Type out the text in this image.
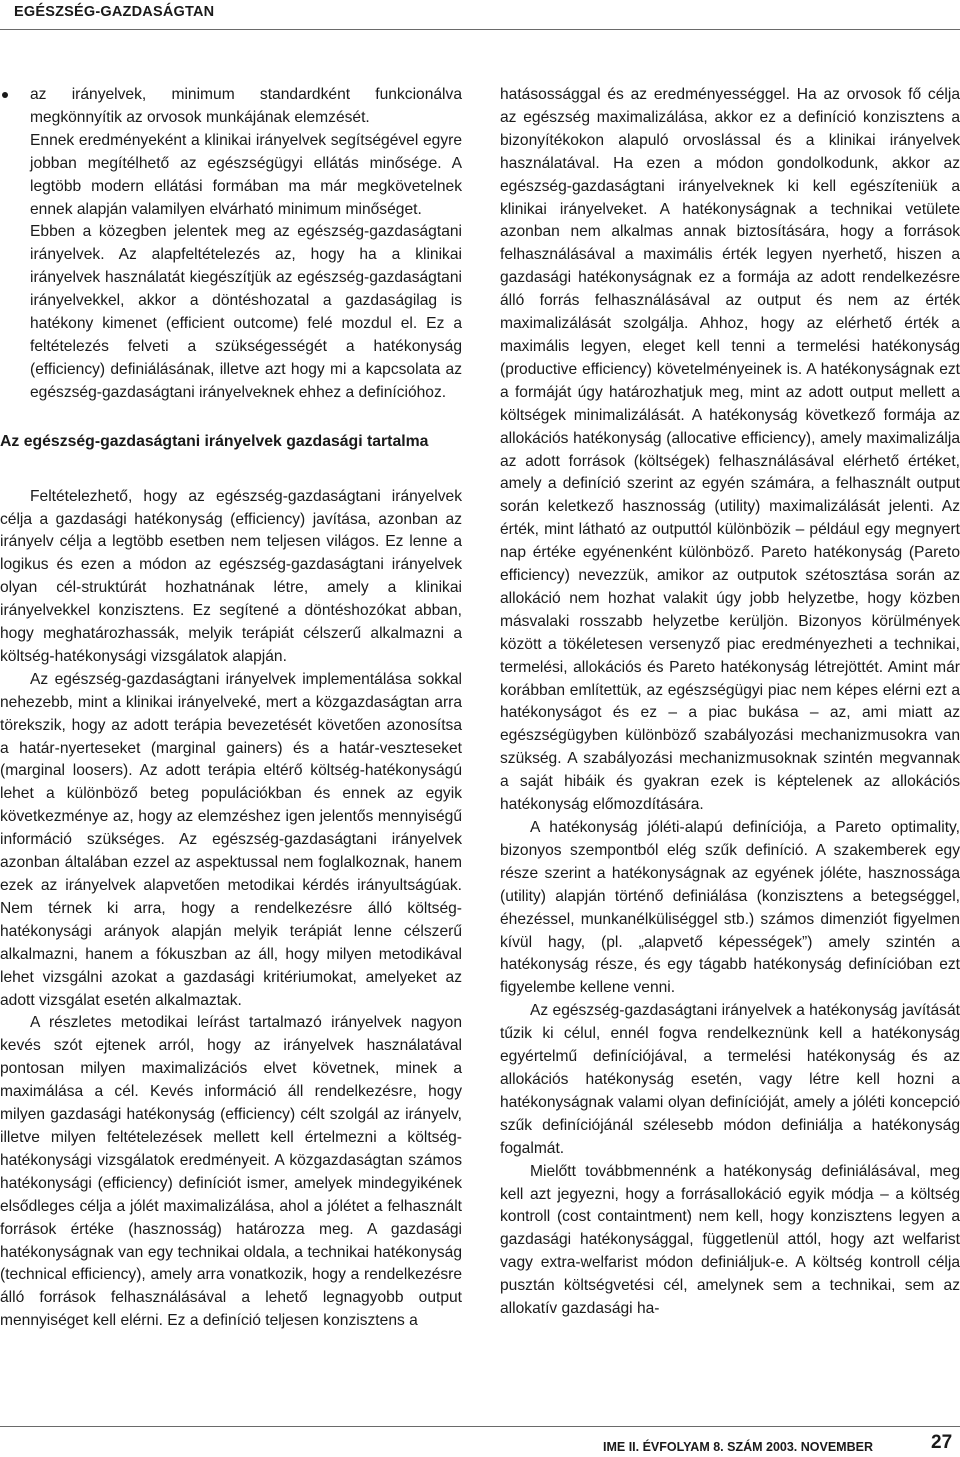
EGÉSZSÉG-GAZDASÁGTAN
az irányelvek, minimum standardként funkcionálva megkönnyítik az orvosok munkájának elemzését.

Ennek eredményeként a klinikai irányelvek segítségével egyre jobban megítélhető az egészségügyi ellátás minősége. A legtöbb modern ellátási formában ma már megkövetelnek ennek alapján valamilyen elvárható minimum minőséget.

Ebben a közegben jelentek meg az egészség-gazdaságtani irányelvek. Az alapfeltételezés az, hogy ha a klinikai irányelvek használatát kiegészítjük az egészség-gazdaságtani irányelvekkel, akkor a döntéshozatal a gazdaságilag is hatékony kimenet (efficient outcome) felé mozdul el. Ez a feltételezés felveti a szükségességét a hatékonyság (efficiency) definiálásának, illetve azt hogy mi a kapcsolata az egészség-gazdaságtani irányelveknek ehhez a definícióhoz.

Az egészség-gazdaságtani irányelvek gazdasági tartalma

Feltételezhető, hogy az egészség-gazdaságtani irányelvek célja a gazdasági hatékonyság (efficiency) javítása, azonban az irányelv célja a legtöbb esetben nem teljesen világos. Ez lenne a logikus és ezen a módon az egészség-gazdaságtani irányelvek olyan cél-struktúrát hozhatnának létre, amely a klinikai irányelvekkel konzisztens. Ez segítené a döntéshozókat abban, hogy meghatározhassák, melyik terápiát célszerű alkalmazni a költség-hatékonysági vizsgálatok alapján.

Az egészség-gazdaságtani irányelvek implementálása sokkal nehezebb, mint a klinikai irányelveké, mert a közgazdaságtan arra törekszik, hogy az adott terápia bevezetését követően azonosítsa a határ-nyerteseket (marginal gainers) és a határ-veszteseket (marginal loosers). Az adott terápia eltérő költség-hatékonyságú lehet a különböző beteg populációkban és ennek az egyik következménye az, hogy az elemzéshez igen jelentős mennyiségű információ szükséges. Az egészség-gazdaságtani irányelvek azonban általában ezzel az aspektussal nem foglalkoznak, hanem ezek az irányelvek alapvetően metodikai kérdés irányultságúak. Nem térnek ki arra, hogy a rendelkezésre álló költség-hatékonysági arányok alapján melyik terápiát lenne célszerű alkalmazni, hanem a fókuszban az áll, hogy milyen metodikával lehet vizsgálni azokat a gazdasági kritériumokat, amelyeket az adott vizsgálat esetén alkalmaztak.

A részletes metodikai leírást tartalmazó irányelvek nagyon kevés szót ejtenek arról, hogy az irányelvek használatával pontosan milyen maximalizációs elvet követnek, minek a maximálása a cél. Kevés információ áll rendelkezésre, hogy milyen gazdasági hatékonyság (efficiency) célt szolgál az irányelv, illetve milyen feltételezések mellett kell értelmezni a költség-hatékonysági vizsgálatok eredményeit. A közgazdaságtan számos hatékonysági (efficiency) definíciót ismer, amelyek mindegyikének elsődleges célja a jólét maximalizálása, ahol a jólétet a felhasznált források értéke (hasznosság) határozza meg. A gazdasági hatékonyságnak van egy technikai oldala, a technikai hatékonyság (technical efficiency), amely arra vonatkozik, hogy a rendelkezésre álló források felhasználásával a lehető legnagyobb output mennyiséget kell elérni. Ez a definíció teljesen konzisztens a

hatásossággal és az eredményességgel. Ha az orvosok fő célja az egészség maximalizálása, akkor ez a definíció konzisztens a bizonyítékokon alapuló orvoslással és a klinikai irányelvek használatával. Ha ezen a módon gondolkodunk, akkor az egészség-gazdaságtani irányelveknek ki kell egészíteniük a klinikai irányelveket. A hatékonyságnak a technikai vetülete azonban nem alkalmas annak biztosítására, hogy a források felhasználásával a maximális érték legyen nyerhető, hiszen a gazdasági hatékonyságnak ez a formája az adott rendelkezésre álló forrás felhasználásával az output és nem az érték maximalizálását szolgálja. Ahhoz, hogy az elérhető érték a maximális legyen, eleget kell tenni a termelési hatékonyság (productive efficiency) követelményeinek is. A hatékonyságnak ezt a formáját úgy határozhatjuk meg, mint az adott output mellett a költségek minimalizálását. A hatékonyság következő formája az allokációs hatékonyság (allocative efficiency), amely maximalizálja az adott források (költségek) felhasználásával elérhető értéket, amely a definíció szerint az egyén számára, a felhasznált output során keletkező hasznosság (utility) maximalizálását jelenti. Az érték, mint látható az outputtól különbözik – például egy megnyert nap értéke egyénenként különböző. Pareto hatékonyság (Pareto efficiency) nevezzük, amikor az outputok szétosztása során az allokáció nem hozhat valakit úgy jobb helyzetbe, hogy közben másvalaki rosszabb helyzetbe kerüljön. Bizonyos körülmények között a tökéletesen versenyző piac eredményezheti a technikai, termelési, allokációs és Pareto hatékonyság létrejöttét. Amint már korábban említettük, az egészségügyi piac nem képes elérni ezt a hatékonyságot és ez – a piac bukása – az, ami miatt az egészségügyben különböző szabályozási mechanizmusokra van szükség. A szabályozási mechanizmusoknak szintén megvannak a saját hibáik és gyakran ezek is képtelenek az allokációs hatékonyság előmozdítására.

A hatékonyság jóléti-alapú definíciója, a Pareto optimality, bizonyos szempontból elég szűk definíció. A szakemberek egy része szerint a hatékonyságnak az egyének jóléte, hasznossága (utility) alapján történő definiálása (konzisztens a betegséggel, éhezéssel, munkanélküliséggel stb.) számos dimenziót figyelmen kívül hagy, (pl. „alapvető képességek”) amely szintén a hatékonyság része, és egy tágabb hatékonyság definícióban ezt figyelembe kellene venni.

Az egészség-gazdaságtani irányelvek a hatékonyság javítását tűzik ki célul, ennél fogva rendelkeznünk kell a hatékonyság egyértelmű definíciójával, a termelési hatékonyság és az allokációs hatékonyság esetén, vagy létre kell hozni a hatékonyságnak valami olyan definícióját, amely a jóléti koncepció szűk definíciójánál szélesebb módon definiálja a hatékonyság fogalmát.

Mielőtt továbbmennénk a hatékonyság definiálásával, meg kell azt jegyezni, hogy a forrásallokáció egyik módja – a költség kontroll (cost containtment) nem kell, hogy konzisztens legyen a gazdasági hatékonysággal, függetlenül attól, hogy azt welfarist vagy extra-welfarist módon definiáljuk-e. A költség kontroll célja pusztán költségvetési cél, amelynek sem a technikai, sem az allokatív gazdasági ha-

IME II. ÉVFOLYAM 8. SZÁM 2003. NOVEMBER	27
